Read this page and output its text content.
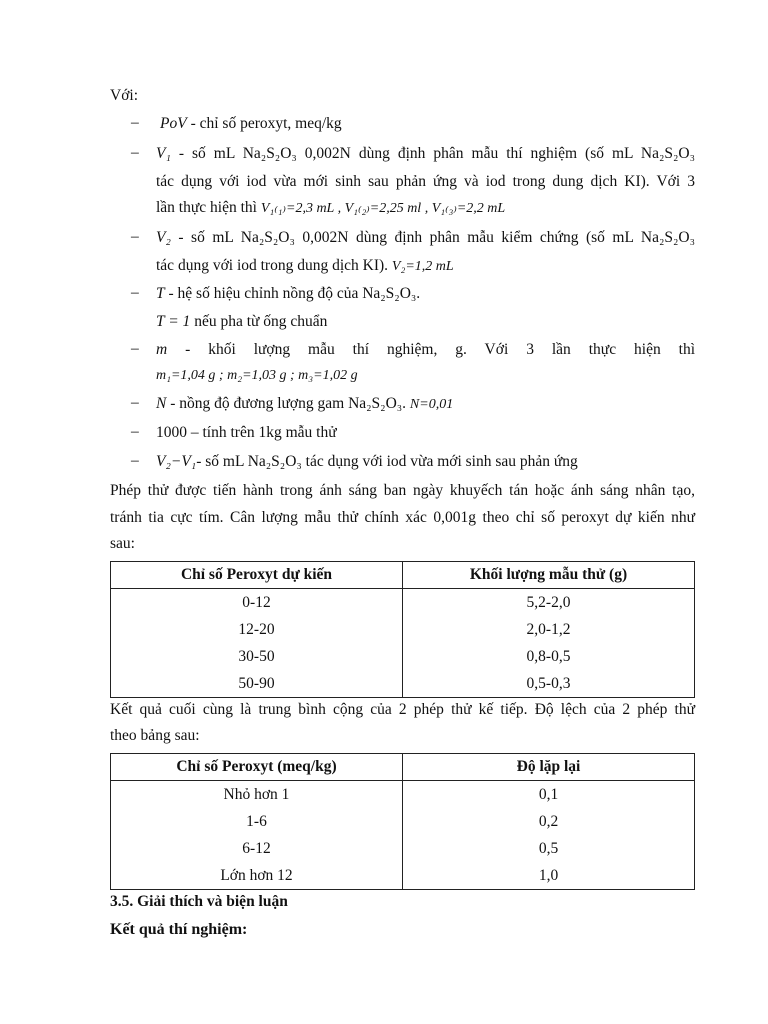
Với:
– PoV - chỉ số peroxyt, meq/kg
– V₁ - số mL Na₂S₂O₃ 0,002N dùng định phân mẫu thí nghiệm (số mL Na₂S₂O₃
tác dụng với iod vừa mới sinh sau phản ứng và iod trong dung dịch KI). Với 3
lần thực hiện thì V₁₍₁₎=2,3 mL , V₁₍₂₎=2,25 ml , V₁₍₃₎=2,2 mL
– V₂ - số mL Na₂S₂O₃ 0,002N dùng định phân mẫu kiểm chứng (số mL Na₂S₂O₃
tác dụng với iod trong dung dịch KI). V₂=1,2 mL
– T - hệ số hiệu chỉnh nồng độ của Na₂S₂O₃.
T = 1 nếu pha từ ống chuẩn
– m - khối lượng mẫu thí nghiệm, g. Với 3 lần thực hiện thì
m₁=1,04 g ; m₂=1,03 g ; m₃=1,02 g
– N - nồng độ đương lượng gam Na₂S₂O₃. N=0,01
– 1000 – tính trên 1kg mẫu thử
– V₂−V₁- số mL Na₂S₂O₃ tác dụng với iod vừa mới sinh sau phản ứng
Phép thử được tiến hành trong ánh sáng ban ngày khuyếch tán hoặc ánh sáng nhân tạo,
tránh tia cực tím. Cân lượng mẫu thử chính xác 0,001g theo chỉ số peroxyt dự kiến như
sau:
Chỉ số Peroxyt dự kiến	Khối lượng mẫu thử (g)
0-12	5,2-2,0
12-20	2,0-1,2
30-50	0,8-0,5
50-90	0,5-0,3
Kết quả cuối cùng là trung bình cộng của 2 phép thử kế tiếp. Độ lệch của 2 phép thử
theo bảng sau:
Chỉ số Peroxyt (meq/kg)	Độ lặp lại
Nhỏ hơn 1	0,1
1-6	0,2
6-12	0,5
Lớn hơn 12	1,0
3.5. Giải thích và biện luận
Kết quả thí nghiệm:
